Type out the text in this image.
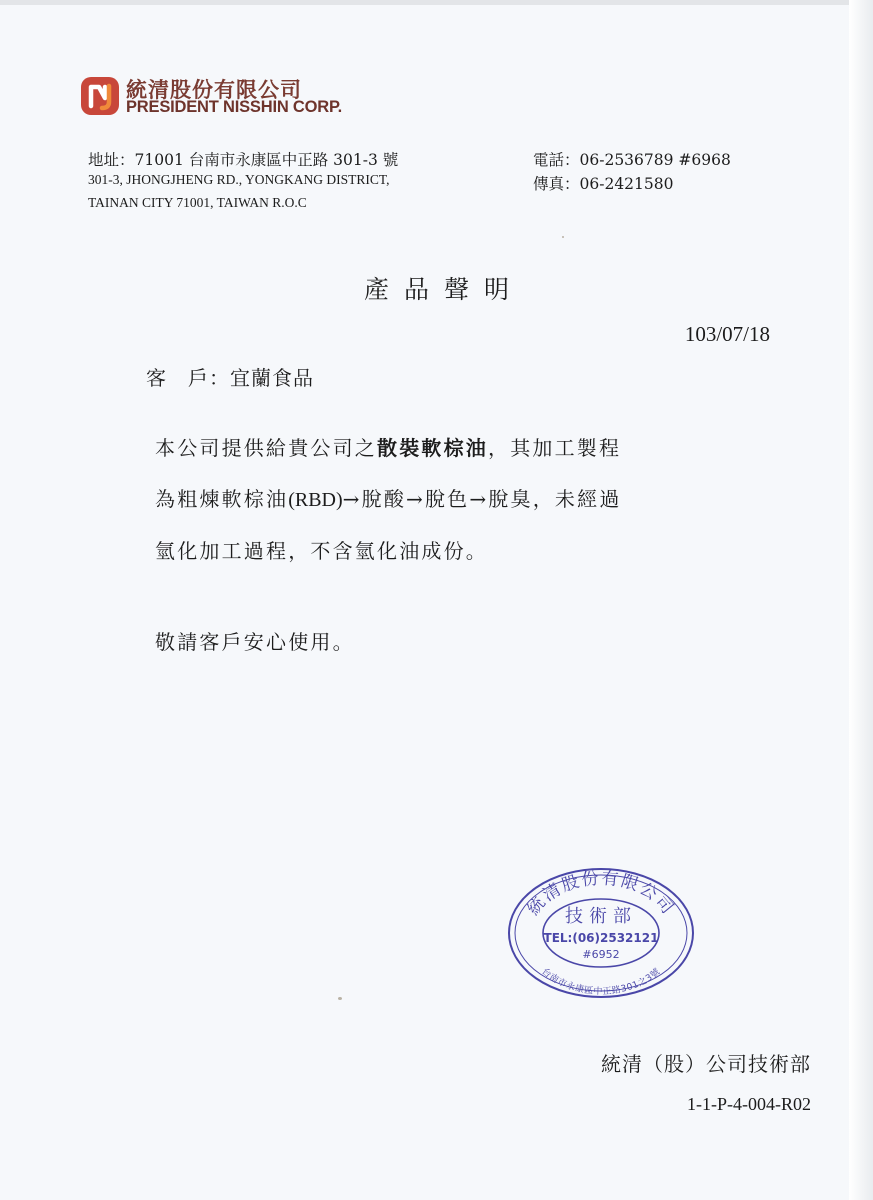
統清股份有限公司
PRESIDENT NISSHIN CORP.
地址：71001 台南市永康區中正路 301-3 號
301-3, JHONGJHENG RD., YONGKANG DISTRICT,
TAINAN CITY 71001, TAIWAN R.O.C
電話：06-2536789 #6968
傳真：06-2421580
產品聲明
103/07/18
客　戶：宜蘭食品
本公司提供給貴公司之散裝軟棕油，其加工製程
為粗煉軟棕油(RBD)→脫酸→脫色→脫臭，未經過
氫化加工過程，不含氫化油成份。
敬請客戶安心使用。
統清股份有限公司
台南市永康區中正路301之3號
技術部
TEL:(06)2532121
#6952
統清（股）公司技術部
1-1-P-4-004-R02
